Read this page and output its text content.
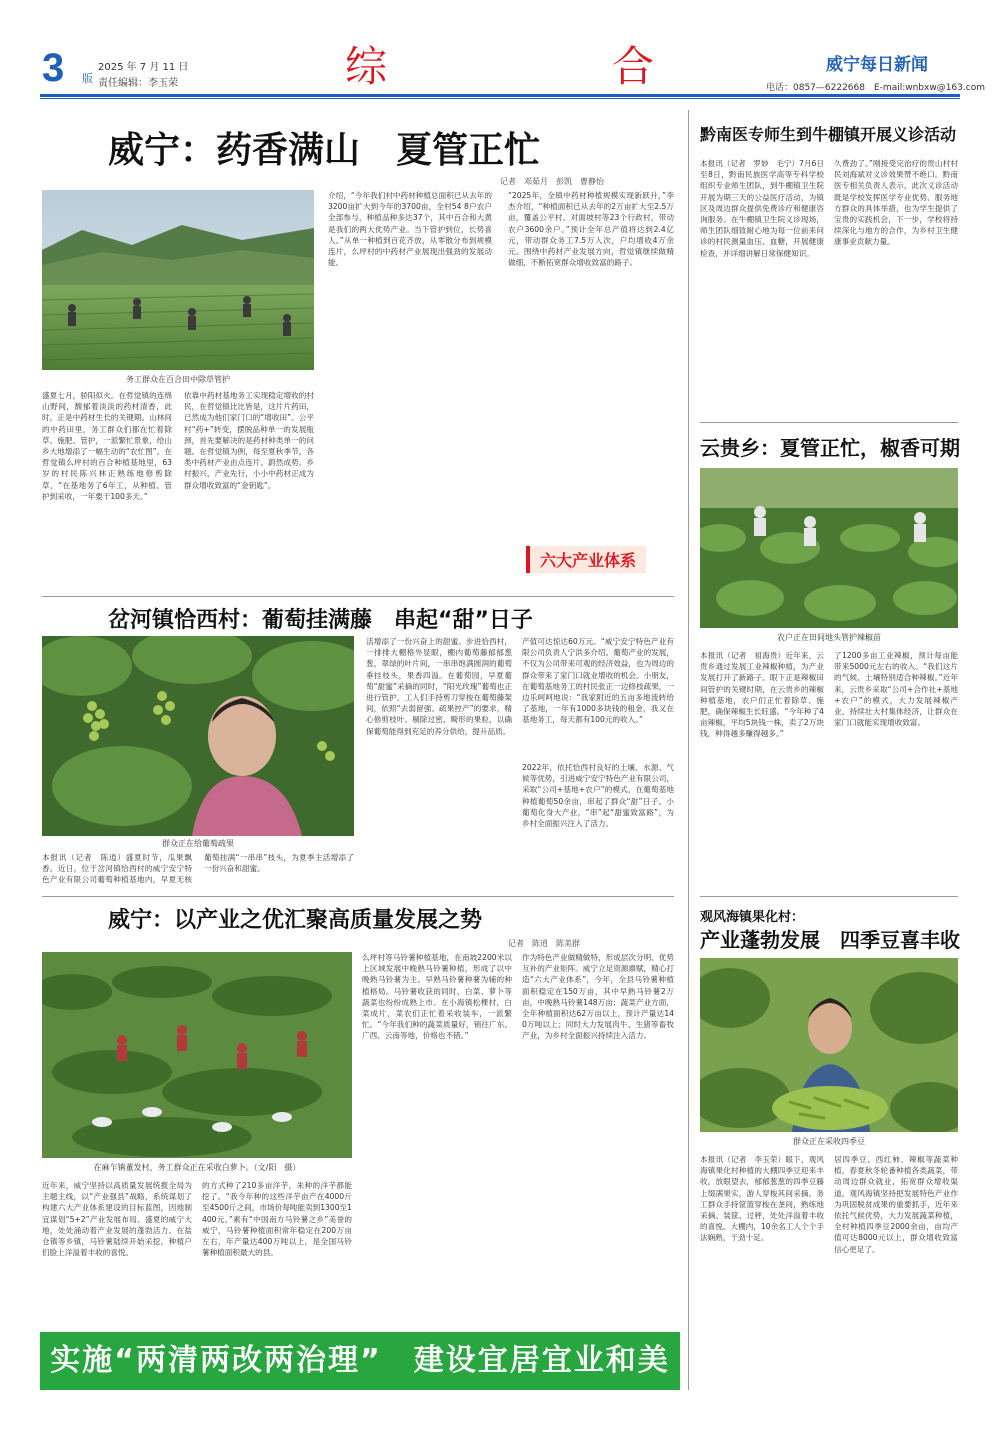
3	版
2025 年 7 月 11 日
责任编辑：李玉荣	综	合	威宁每日新闻
电话：0857—6222668　E-mail:wnbxw@163.com
威宁：药香满山　夏管正忙
记者　邓茹月　彭凯　曹静怡
务工群众在百合田中除草管护
盛夏七月，骄阳似火。在哲觉镇的连绵山野间，馥郁着淡淡的药材清香，此时，正是中药材生长的关键期。山林间的中药田里，务工群众们都在忙着除草、施肥、管护，一派繁忙景象，给山乡大地增添了一幅生动的“农忙图”。在哲觉镇么坪村的百合种植基地里，63岁的村民陈兴林正熟练地修剪除草，“在基地务了6年工，从种植、管护到采收，一年要干100多天。”
依靠中药材基地务工实现稳定增收的村民，在哲觉镇比比皆是，这片片药田，已然成为他们家门口的“增收田”。公平村“药+”转变，摆脱品种单一的发展瓶颈，首先要解决的是药材种类单一的问题。在哲觉镇为例，每至夏秋季节，各类中药材产业由点连片、蔚然成势。乡村振兴，产业先行，小小中药材正成为群众增收致富的“金钥匙”。
介绍，“今年我们村中药材种植总面积已从去年的3200亩扩大到今年的3700亩，全村54 8户农户全部参与，种植品种多达37个，其中百合和大黄是我们的两大优势产业。当下管护到位，长势喜人。”从单一种植到百花齐放，从零散分布到规模连片，么坪村的中药材产业展现出强劲的发展动能。
“2025年，全镇中药材种植规模实现新跃升，”李杰介绍，“种植面积已从去年的2万亩扩大至2.5万亩，覆盖公平村、对面坡村等23个行政村，带动农户3600余户。”预计全年总产值将达到2.4亿元，带动群众务工7.5万人次，户均增收4万余元。围绕中药材产业发展方向，哲觉镇继续做精做细，不断拓宽群众增收致富的路子。
六大产业体系
岔河镇恰西村：葡萄挂满藤　串起“甜”日子
群众正在给葡萄疏果
本报讯（记者　陈逍）盛夏时节，瓜果飘香。近日，位于岔河镇恰西村的威宁安宁特色产业有限公司葡萄种植基地内，早夏无核葡萄挂满“一串串”枝头，为夏季主活增添了一份兴奋和甜蜜。
活增添了一份兴奋上的甜蜜。步进恰西村，一排排大棚格外显眼，棚内葡萄藤郁郁葱葱，翠绿的叶片间，一串串饱满圆润的葡萄垂挂枝头，果香四溢。在葡萄园，早夏葡萄“甜蜜”采摘的同时，“阳光玫瑰”葡萄也正进行管护，工人们手持剪刀穿梭在葡萄藤架间，依照“去弱留强、疏果控产”的要求，精心修剪枝叶、剔除过密、畸形的果粒，以确保葡萄能得到充足的养分供给，提升品质。
产值可达惊达60万元。“威宁安宁特色产业有限公司负责人宁洪多介绍。葡萄产业的发展，不仅为公司带来可观的经济效益，也为周边的群众带来了家门口就业增收的机会。小朋友，在葡萄基地务工的村民张正一边修枝疏果，一边乐呵呵地说：“我家附近的五亩多地流转给了基地，一年有1000多块钱的租金，我又在基地务工，每天都有100元的收入。”
2022年，依托恰西村良好的土壤、水源、气候等优势，引进威宁安宁特色产业有限公司，采取“公司+基地+农户”的模式，在葡萄基地种植葡萄50余亩，串起了群众“甜”日子。小葡萄化身大产业，“串”起“甜蜜致富路”，为乡村全面振兴注入了活力。
威宁：以产业之优汇聚高质量发展之势
记者　陈逍　陈美群
在麻乍镇董发村，务工群众正在采收白萝卜。（文/阳　摄）
近年来，威宁坚持以高质量发展统揽全局为主题主线，以“产业强县”战略，系统谋划了构建六大产业体系建设的目标蓝图，因地制宜谋划“5+2”产业发展布局。盛夏的威宁大地，处处涌动着产业发展的蓬勃活力。在盐仓镇等乡镇，马铃薯陆续开始采挖，种植户们脸上洋溢着丰收的喜悦。
的方式种了210多亩洋芋，朱种的洋芋都能挖了。“我今年种的这些洋芋亩产在4000斤至4500斤之间，市场价每吨能卖到1300至1400元。”素有“中国南方马铃薯之乡”美誉的威宁，马铃薯种植面积常年稳定在200万亩左右，年产量达400万吨以上，是全国马铃薯种植面积最大的县。
么坪村等马铃薯种植基地，在南坡2200米以上区域发展中晚熟马铃薯种植，形成了以中晚熟马铃薯为主、早熟马铃薯种薯为辅的种植格局。马铃薯收获的同时，白菜、萝卜等蔬菜也纷纷成熟上市。在小海镇松棵村，白菜成片，菜农们正忙着采收装车，一派繁忙。“今年我们种的蔬菜质量好，销往广东、广西、云南等地，价格也不错。”
作为特色产业做精做特，形成层次分明、优势互补的产业矩阵。威宁立足资源禀赋，精心打造“六大产业体系”，今年，全县马铃薯种植面积稳定在150万亩，其中早熟马铃薯2万亩，中晚熟马铃薯148万亩；蔬菜产业方面，全年种植面积达62万亩以上，预计产量达140万吨以上；同时大力发展肉牛、生猪等畜牧产业，为乡村全面振兴持续注入活力。
实施“两清两改两治理”　建设宜居宜业和美乡村
黔南医专师生到牛棚镇开展义诊活动
本报讯（记者　罗妙　毛宁）7月6日至8日，黔南民族医学高等专科学校组织专业师生团队，到牛棚镇卫生院开展为期三天的公益医疗活动，为镇区及周边群众提供免费诊疗和健康咨询服务。在牛棚镇卫生院义诊现场，师生团队细致耐心地为每一位前来问诊的村民测量血压、血糖，开展健康检查，并详细讲解日常保健知识。
久费劲了。”刚接受完治疗的贵山村村民刘海斌对义诊效果赞不绝口。黔南医专相关负责人表示，此次义诊活动既是学校发挥医学专业优势、服务地方群众的具体举措，也为学生提供了宝贵的实践机会，下一步，学校将持续深化与地方的合作，为乡村卫生健康事业贡献力量。
云贵乡：夏管正忙，椒香可期
农户正在田间地头管护辣椒苗
本报讯（记者　祖海贵）近年来，云贵乡通过发展工业辣椒种植，为产业发展打开了新路子。眼下正是辣椒田间管护的关键时期，在云贵乡的辣椒种植基地，农户们正忙着除草、施肥，确保辣椒生长旺盛。“今年种了4亩辣椒，平均5块钱一株，卖了2万块钱，种得越多赚得越多。”
了1200多亩工业辣椒，预计每亩能带来5000元左右的收入。“我们这片的气候、土壤特别适合种辣椒。”近年来，云贵乡采取“公司+合作社+基地+农户”的模式，大力发展辣椒产业，持续壮大村集体经济，让群众在家门口就能实现增收致富。
观风海镇果化村：
产业蓬勃发展　四季豆喜丰收
群众正在采收四季豆
本报讯（记者　李玉荣）眼下，观风海镇果化村种植的大棚四季豆迎来丰收，放眼望去，郁郁葱葱的四季豆藤上缀满果实，游人穿梭其间采摘。务工群众手持筐篮穿梭在垄间，熟练地采摘、装筐、过秤，处处洋溢着丰收的喜悦。大棚内，10余名工人个个手法娴熟，干劲十足。
居四季豆、西红柿、辣椒等蔬菜种植，春夏秋冬轮番种植各类蔬菜，带动周边群众就业，拓宽群众增收渠道。观风海镇坚持把发展特色产业作为巩固脱贫成果的重要抓手，近年来依托气候优势，大力发展蔬菜种植，全村种植四季豆2000余亩，亩均产值可达8000元以上，群众增收致富信心更足了。
